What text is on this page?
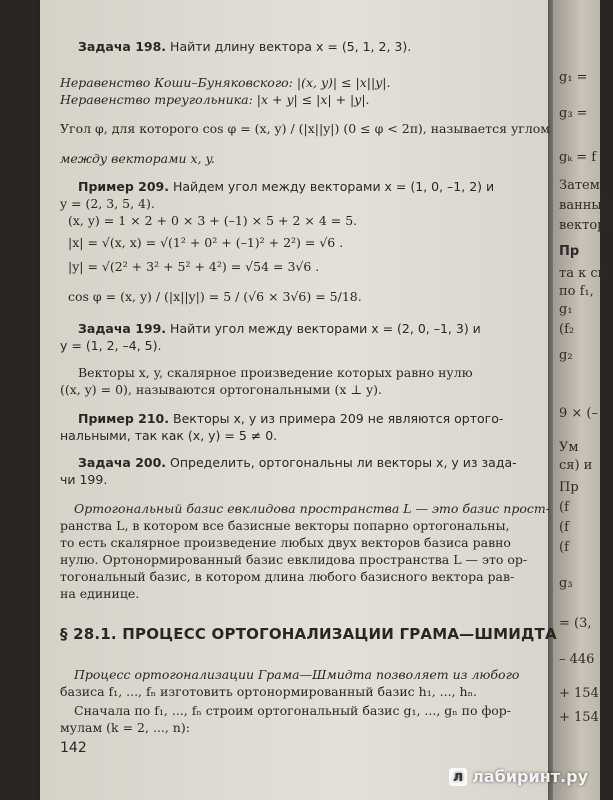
g₁ =
g₃ =
gₖ = f
Затем
ванный
вектора
Пр
та к сп
по f₁,
g₁
(f₂
g₂
9 × (–
Ум
ся) и
Пр
(f
(f
(f
g₃
= (3,
– 446
+ 154
+ 154
Задача 198. Найти длину вектора x = (5, 1, 2, 3).
Неравенство Коши–Буняковского: |(x, y)| ≤ |x||y|.
Неравенство треугольника: |x + y| ≤ |x| + |y|.
Угол φ, для которого cos φ = (x, y) / (|x||y|) (0 ≤ φ < 2π), называется углом
между векторами x, y.
Пример 209. Найдем угол между векторами x = (1, 0, –1, 2) и
y = (2, 3, 5, 4).
(x, y) = 1 × 2 + 0 × 3 + (–1) × 5 + 2 × 4 = 5.
|x| = √(x, x) = √(1² + 0² + (–1)² + 2²) = √6 .
|y| = √(2² + 3² + 5² + 4²) = √54 = 3√6 .
cos φ = (x, y) / (|x||y|) = 5 / (√6 × 3√6) = 5/18.
Задача 199. Найти угол между векторами x = (2, 0, –1, 3) и
y = (1, 2, –4, 5).
Векторы x, y, скалярное произведение которых равно нулю
((x, y) = 0), называются ортогональными (x ⊥ y).
Пример 210. Векторы x, y из примера 209 не являются ортого-
нальными, так как (x, y) = 5 ≠ 0.
Задача 200. Определить, ортогональны ли векторы x, y из зада-
чи 199.
Ортогональный базис евклидова пространства L — это базис прост-
ранства L, в котором все базисные векторы попарно ортогональны,
то есть скалярное произведение любых двух векторов базиса равно
нулю. Ортонормированный базис евклидова пространства L — это ор-
тогональный базис, в котором длина любого базисного вектора рав-
на единице.
§ 28.1. ПРОЦЕСС ОРТОГОНАЛИЗАЦИИ ГРАМА—ШМИДТА
Процесс ортогонализации Грама—Шмидта позволяет из любого
базиса f₁, ..., fₙ изготовить ортонормированный базис h₁, ..., hₙ.
Сначала по f₁, ..., fₙ строим ортогональный базис g₁, ..., gₙ по фор-
мулам (k = 2, ..., n):
142
л лабиринт.ру
